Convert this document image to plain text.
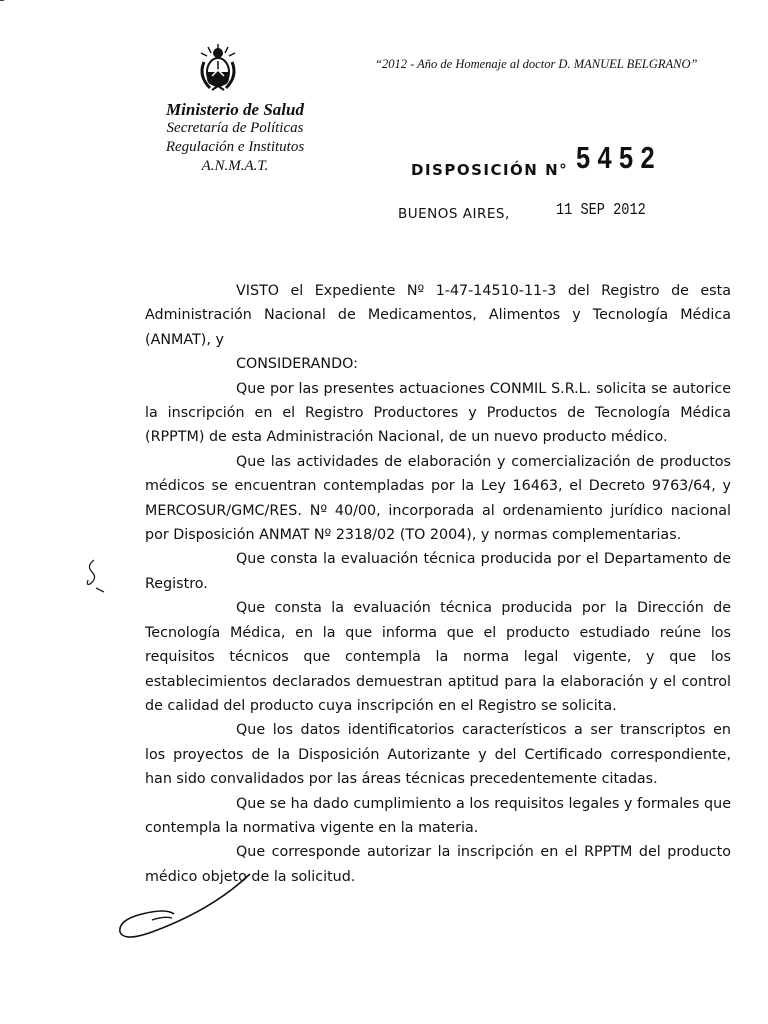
“2012 - Año de Homenaje al doctor D. MANUEL BELGRANO”
Ministerio de Salud
Secretaría de Políticas
Regulación e Institutos
A.N.M.A.T.	DISPOSICIÓN N° 5452
BUENOS AIRES,	11 SEP 2012

VISTO el Expediente Nº 1-47-14510-11-3 del Registro de esta Administración Nacional de Medicamentos, Alimentos y Tecnología Médica (ANMAT), y

CONSIDERANDO:

Que por las presentes actuaciones CONMIL S.R.L. solicita se autorice la inscripción en el Registro Productores y Productos de Tecnología Médica (RPPTM) de esta Administración Nacional, de un nuevo producto médico.

Que las actividades de elaboración y comercialización de productos médicos se encuentran contempladas por la Ley 16463, el Decreto 9763/64, y MERCOSUR/GMC/RES. Nº 40/00, incorporada al ordenamiento jurídico nacional por Disposición ANMAT Nº 2318/02 (TO 2004), y normas complementarias.

Que consta la evaluación técnica producida por el Departamento de Registro.

Que consta la evaluación técnica producida por la Dirección de Tecnología Médica, en la que informa que el producto estudiado reúne los requisitos técnicos que contempla la norma legal vigente, y que los establecimientos declarados demuestran aptitud para la elaboración y el control de calidad del producto cuya inscripción en el Registro se solicita.

Que los datos identificatorios característicos a ser transcriptos en los proyectos de la Disposición Autorizante y del Certificado correspondiente, han sido convalidados por las áreas técnicas precedentemente citadas.

Que se ha dado cumplimiento a los requisitos legales y formales que contempla la normativa vigente en la materia.

Que corresponde autorizar la inscripción en el RPPTM del producto médico objeto de la solicitud.
